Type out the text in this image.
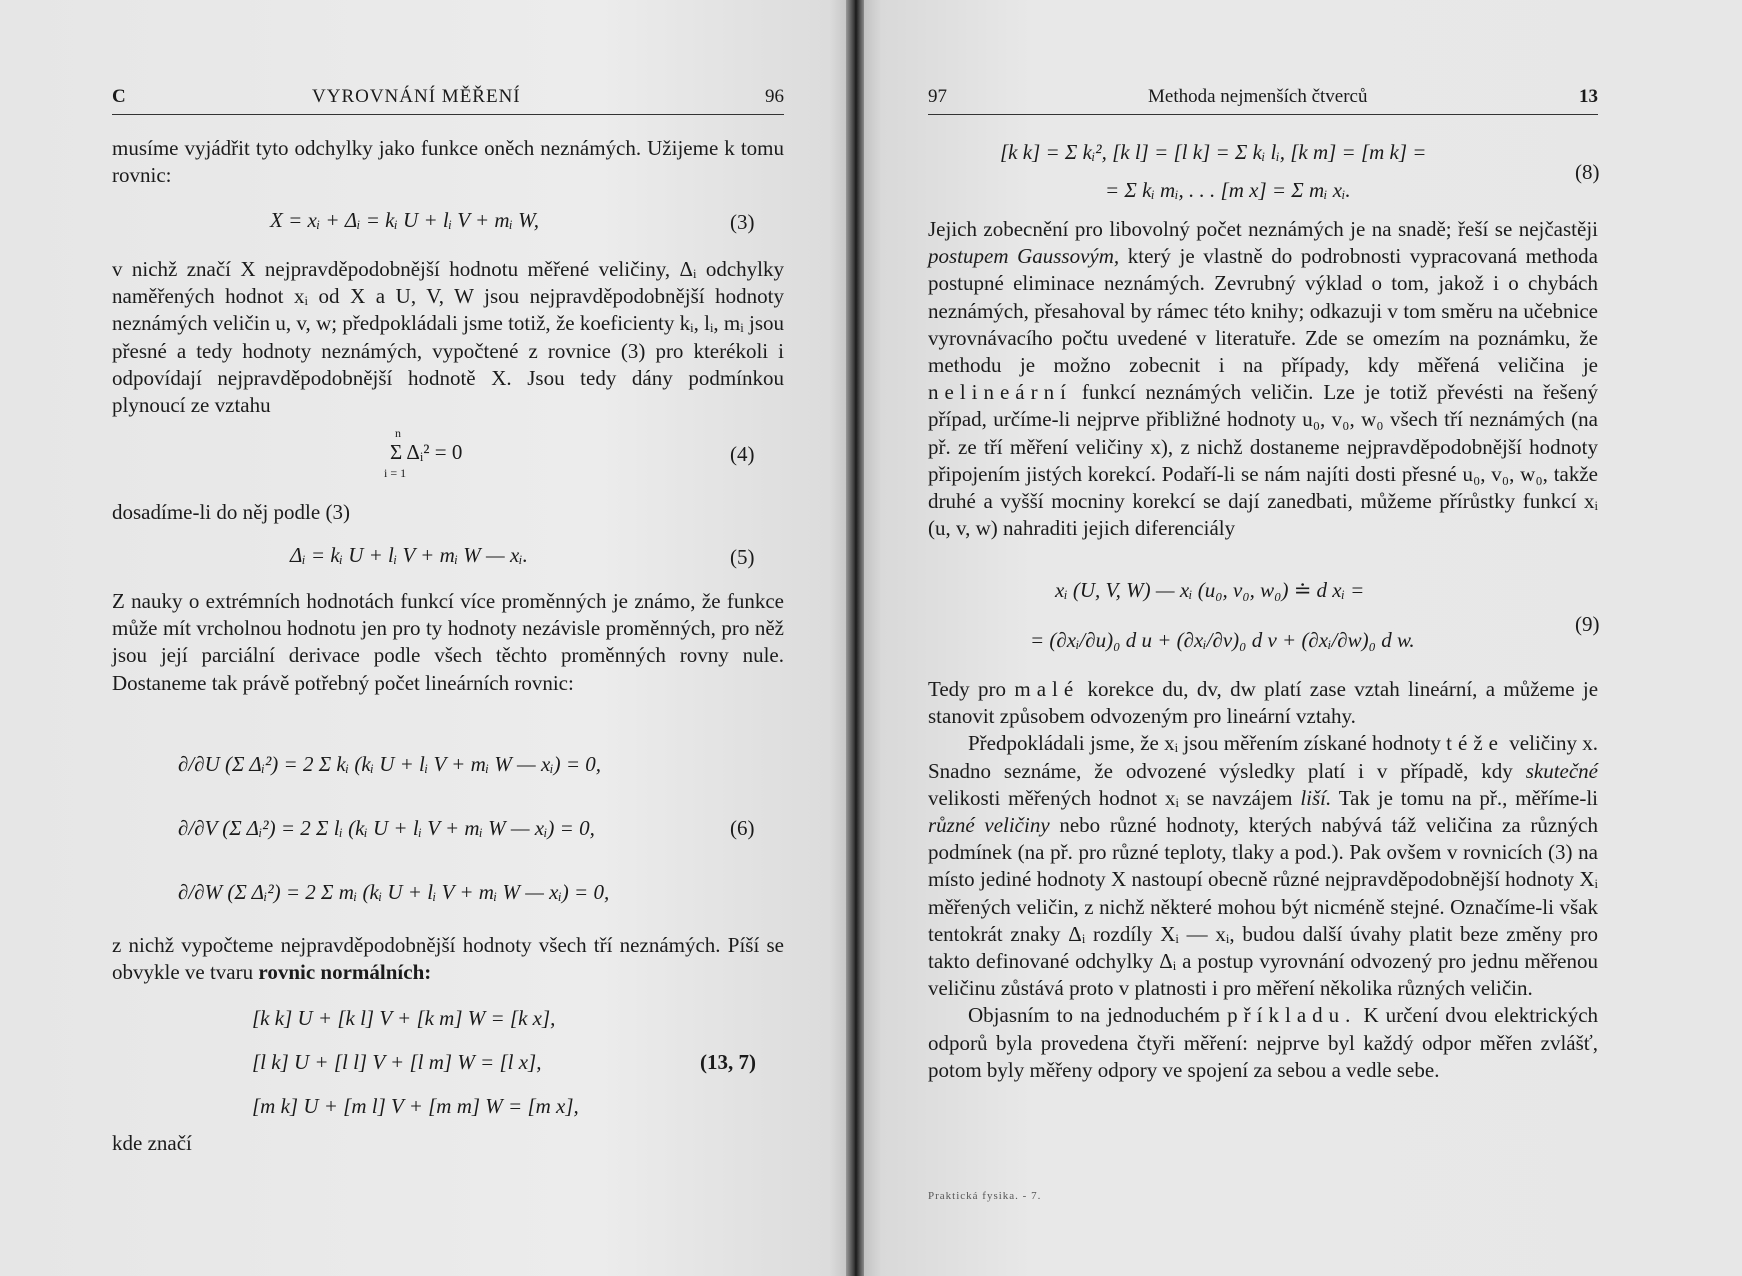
C	VYROVNÁNÍ MĚŘENÍ	96

musíme vyjádřit tyto odchylky jako funkce oněch neznámých. Užijeme k tomu rovnic:

X = xᵢ + Δᵢ = kᵢ U + lᵢ V + mᵢ W,	(3)

v nichž značí X nejpravděpodobnější hodnotu měřené veličiny, Δᵢ odchylky naměřených hodnot xᵢ od X a U, V, W jsou nejpravděpodobnější hodnoty neznámých veličin u, v, w; předpokládali jsme totiž, že koeficienty kᵢ, lᵢ, mᵢ jsou přesné a tedy hodnoty neznámých, vypočtené z rovnice (3) pro kterékoli i odpovídají nejpravděpodobnější hodnotě X. Jsou tedy dány podmínkou plynoucí ze vztahu

n
Σ Δᵢ² = 0
i = 1
(4)

dosadíme-li do něj podle (3)

Δᵢ = kᵢ U + lᵢ V + mᵢ W — xᵢ.	(5)

Z nauky o extrémních hodnotách funkcí více proměnných je známo, že funkce může mít vrcholnou hodnotu jen pro ty hodnoty nezávisle proměnných, pro něž jsou její parciální derivace podle všech těchto proměnných rovny nule. Dostaneme tak právě potřebný počet lineárních rovnic:

∂/∂U (Σ Δᵢ²) = 2 Σ kᵢ (kᵢ U + lᵢ V + mᵢ W — xᵢ) = 0,
∂/∂V (Σ Δᵢ²) = 2 Σ lᵢ (kᵢ U + lᵢ V + mᵢ W — xᵢ) = 0,	(6)
∂/∂W (Σ Δᵢ²) = 2 Σ mᵢ (kᵢ U + lᵢ V + mᵢ W — xᵢ) = 0,

z nichž vypočteme nejpravděpodobnější hodnoty všech tří neznámých. Píší se obvykle ve tvaru rovnic normálních:

[k k] U + [k l] V + [k m] W = [k x],
[l k] U + [l l] V + [l m] W = [l x],	(13, 7)
[m k] U + [m l] V + [m m] W = [m x],

kde značí

97	Methoda nejmenších čtverců	13
[k k] = Σ kᵢ², [k l] = [l k] = Σ kᵢ lᵢ, [k m] = [m k] =
= Σ kᵢ mᵢ, . . . [m x] = Σ mᵢ xᵢ.
(8)

Jejich zobecnění pro libovolný počet neznámých je na snadě; řeší se nejčastěji postupem Gaussovým, který je vlastně do podrobnosti vypracovaná methoda postupné eliminace neznámých. Zevrubný výklad o tom, jakož i o chybách neznámých, přesahoval by rámec této knihy; odkazuji v tom směru na učebnice vyrovnávacího počtu uvedené v literatuře. Zde se omezím na poznámku, že methodu je možno zobecnit i na případy, kdy měřená veličina je nelineární funkcí neznámých veličin. Lze je totiž převésti na řešený případ, určíme-li nejprve přibližné hodnoty u₀, v₀, w₀ všech tří neznámých (na př. ze tří měření veličiny x), z nichž dostaneme nejpravděpodobnější hodnoty připojením jistých korekcí. Podaří-li se nám najíti dosti přesné u₀, v₀, w₀, takže druhé a vyšší mocniny korekcí se dají zanedbati, můžeme přírůstky funkcí xᵢ (u, v, w) nahraditi jejich diferenciály

xᵢ (U, V, W) — xᵢ (u₀, v₀, w₀) ≐ d xᵢ =
= (∂xᵢ/∂u)₀ d u + (∂xᵢ/∂v)₀ d v + (∂xᵢ/∂w)₀ d w.
(9)

Tedy pro malé korekce du, dv, dw platí zase vztah lineární, a můžeme je stanovit způsobem odvozeným pro lineární vztahy.

Předpokládali jsme, že xᵢ jsou měřením získané hodnoty téže veličiny x. Snadno seznáme, že odvozené výsledky platí i v případě, kdy skutečné velikosti měřených hodnot xᵢ se navzájem liší. Tak je tomu na př., měříme-li různé veličiny nebo různé hodnoty, kterých nabývá táž veličina za různých podmínek (na př. pro různé teploty, tlaky a pod.). Pak ovšem v rovnicích (3) na místo jediné hodnoty X nastoupí obecně různé nejpravděpodobnější hodnoty Xᵢ měřených veličin, z nichž některé mohou být nicméně stejné. Označíme-li však tentokrát znaky Δᵢ rozdíly Xᵢ — xᵢ, budou další úvahy platit beze změny pro takto definované odchylky Δᵢ a postup vyrovnání odvozený pro jednu měřenou veličinu zůstává proto v platnosti i pro měření několika různých veličin.

Objasním to na jednoduchém příkladu. K určení dvou elektrických odporů byla provedena čtyři měření: nejprve byl každý odpor měřen zvlášť, potom byly měřeny odpory ve spojení za sebou a vedle sebe.

Praktická fysika. - 7.
